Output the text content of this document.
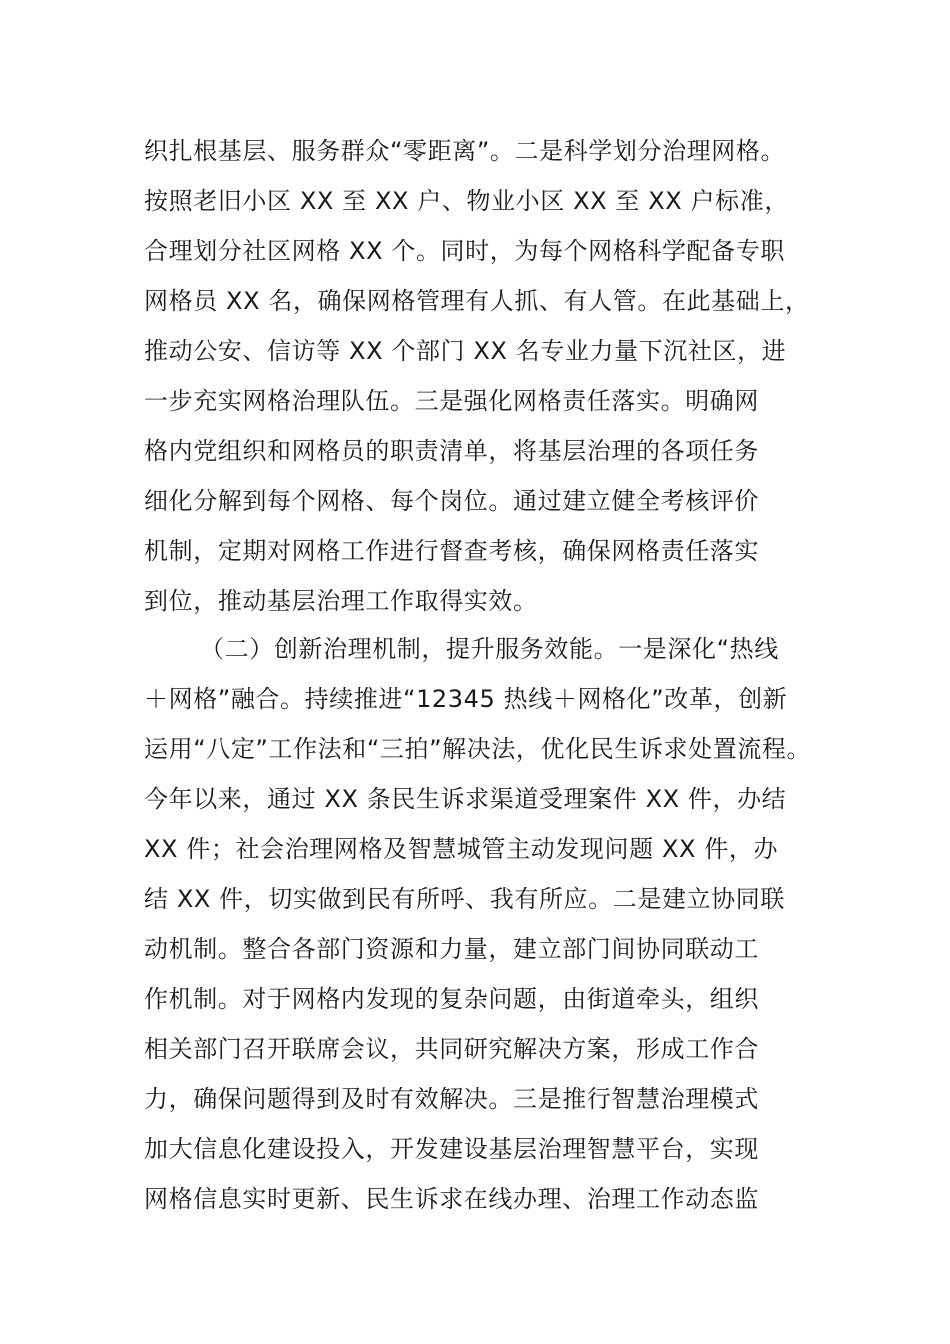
织扎根基层、服务群众“零距离”。二是科学划分治理网格。
按照老旧小区 XX 至 XX 户、物业小区 XX 至 XX 户标准，
合理划分社区网格 XX 个。同时，为每个网格科学配备专职
网格员 XX 名，确保网格管理有人抓、有人管。在此基础上，
推动公安、信访等 XX 个部门 XX 名专业力量下沉社区，进
一步充实网格治理队伍。三是强化网格责任落实。明确网
格内党组织和网格员的职责清单，将基层治理的各项任务
细化分解到每个网格、每个岗位。通过建立健全考核评价
机制，定期对网格工作进行督查考核，确保网格责任落实
到位，推动基层治理工作取得实效。
（二）创新治理机制，提升服务效能。一是深化“热线
＋网格”融合。持续推进“12345 热线＋网格化”改革，创新
运用“八定”工作法和“三拍”解决法，优化民生诉求处置流程。
今年以来，通过 XX 条民生诉求渠道受理案件 XX 件，办结
XX 件；社会治理网格及智慧城管主动发现问题 XX 件，办
结 XX 件，切实做到民有所呼、我有所应。二是建立协同联
动机制。整合各部门资源和力量，建立部门间协同联动工
作机制。对于网格内发现的复杂问题，由街道牵头，组织
相关部门召开联席会议，共同研究解决方案，形成工作合
力，确保问题得到及时有效解决。三是推行智慧治理模式
加大信息化建设投入，开发建设基层治理智慧平台，实现
网格信息实时更新、民生诉求在线办理、治理工作动态监
